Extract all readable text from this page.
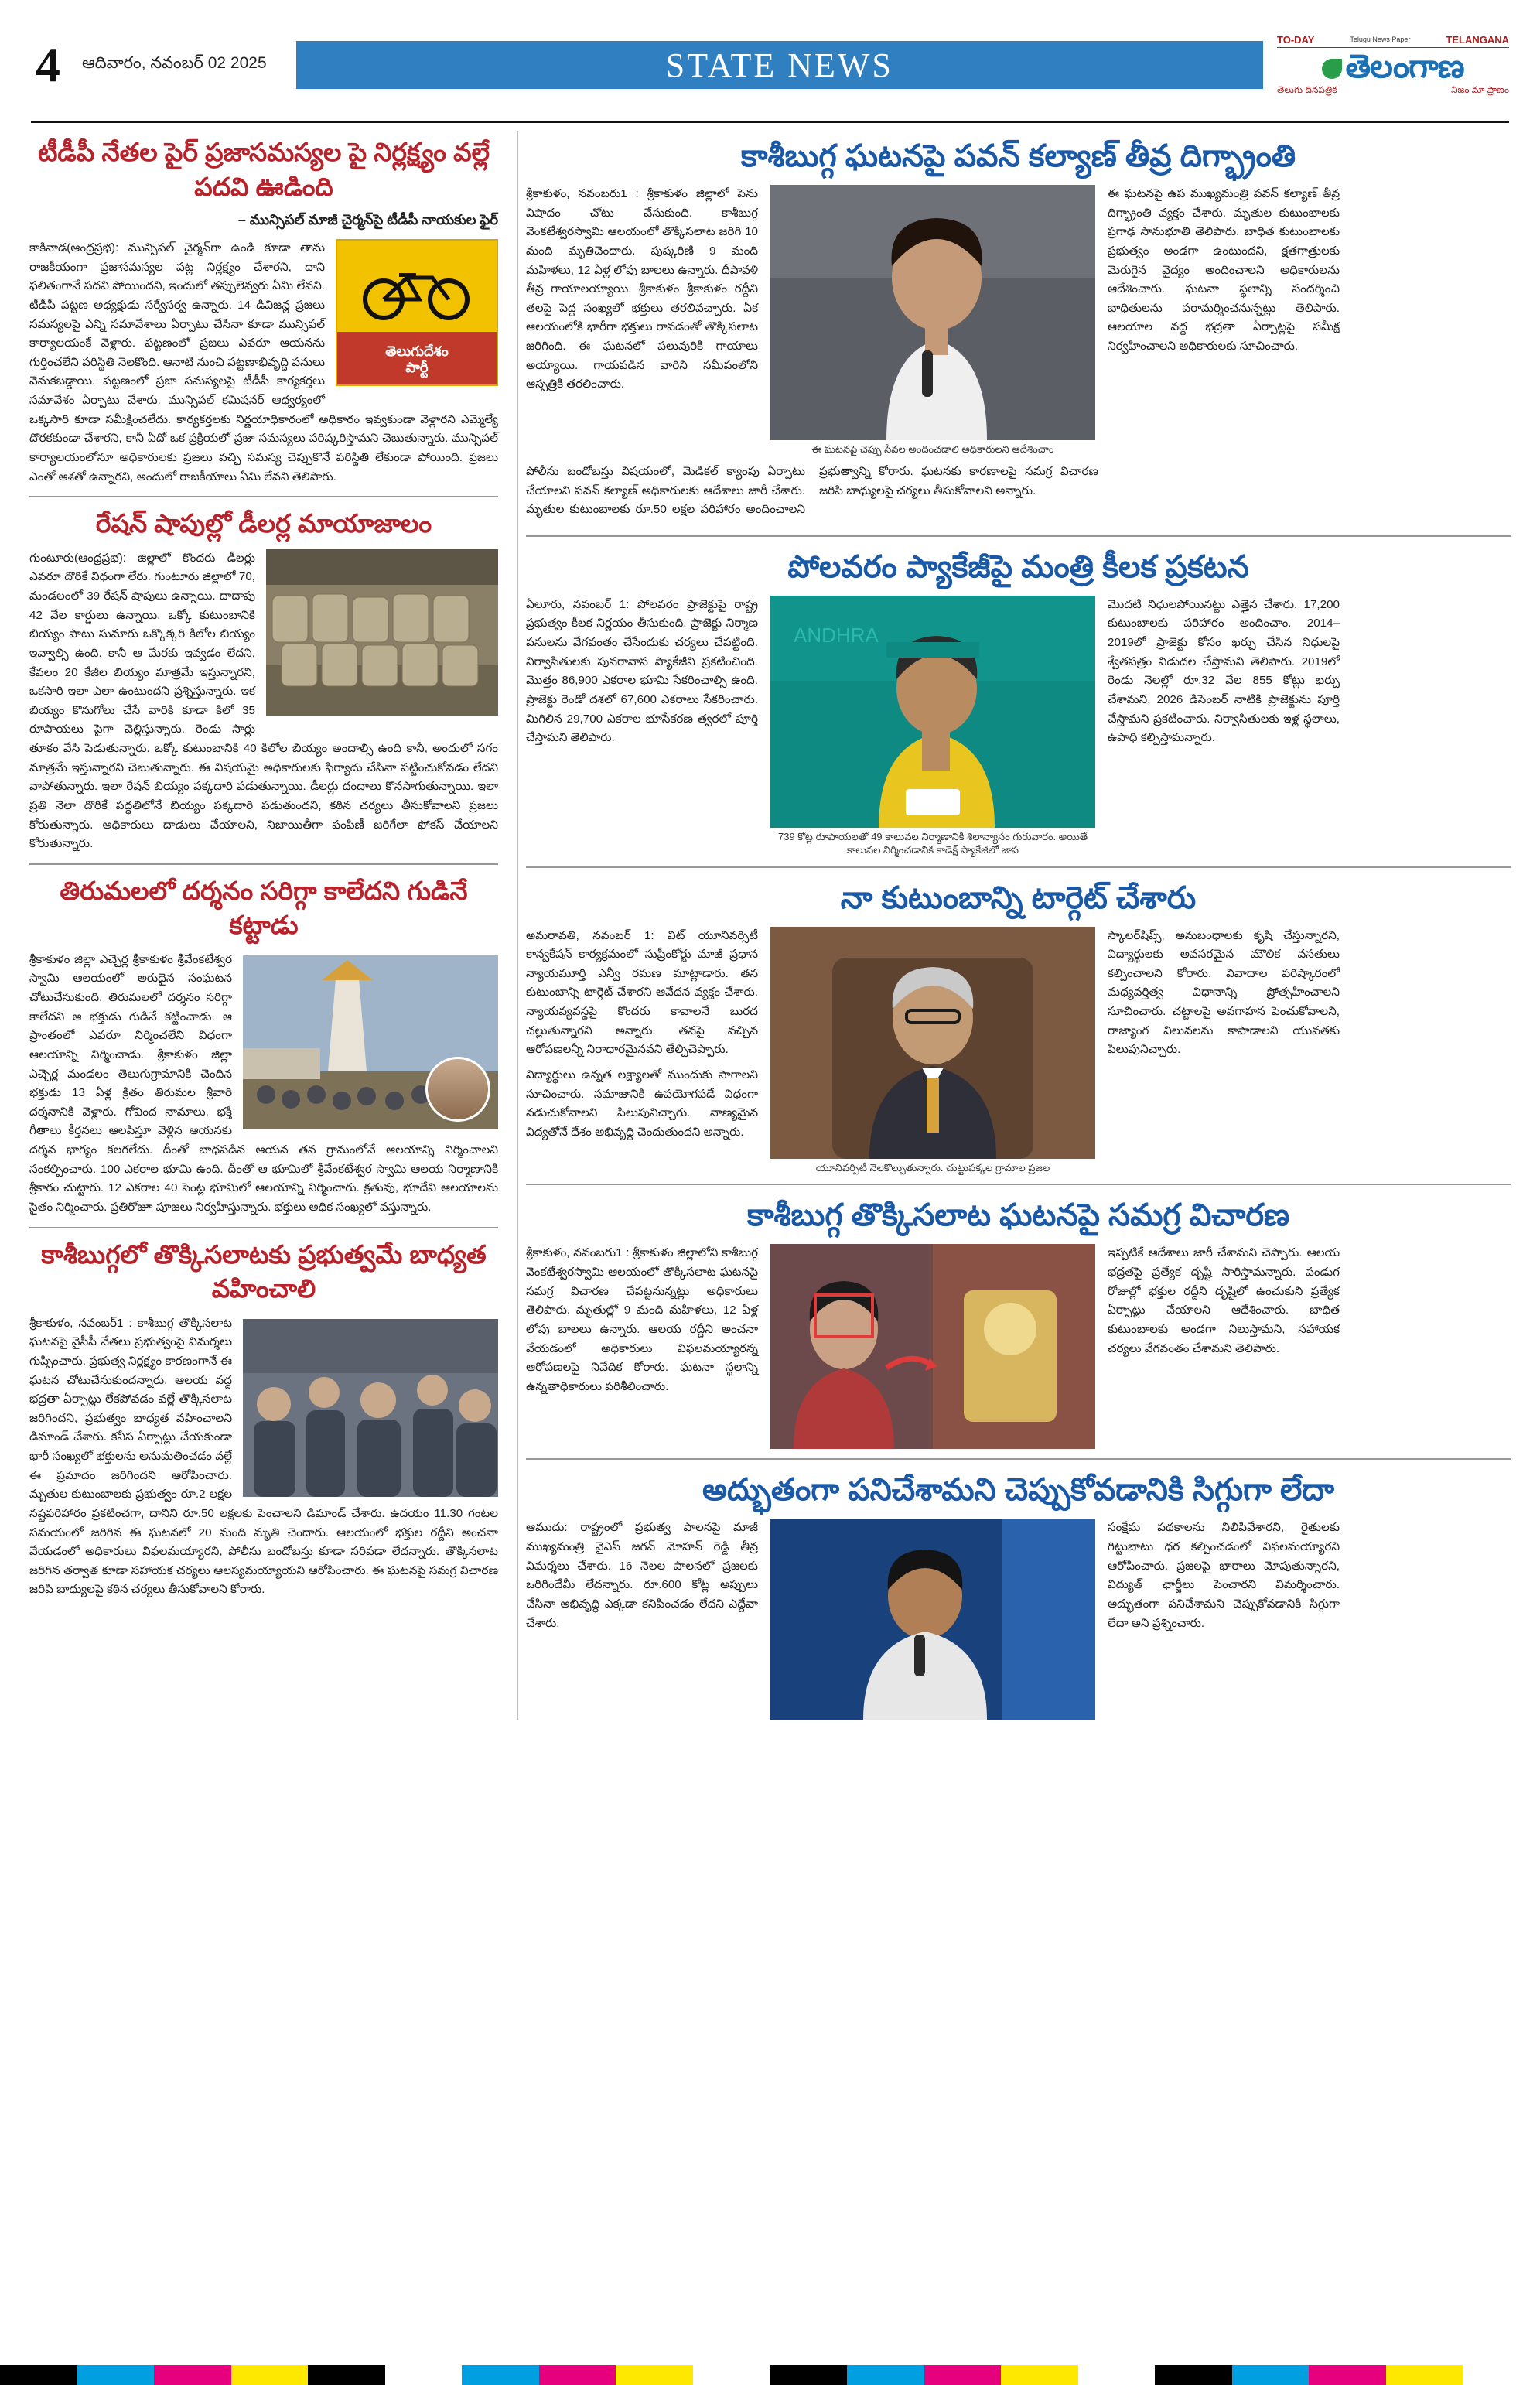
4	ఆదివారం, నవంబర్ 02 2025	STATE NEWS
TO-DAY	Telugu News Paper	TELANGANA
తెలంగాణ
తెలుగు దినపత్రిక	నిజం మా ప్రాణం
టీడీపీ నేతల పైర్ ప్రజాసమస్యల పై నిర్లక్ష్యం వల్లే పదవి ఊడింది
– మున్సిపల్ మాజీ చైర్మన్‌పై టీడీపీ నాయకుల ఫైర్
తెలుగుదేశం
పార్టీ

కాకినాడ(ఆంధ్రప్రభ): మున్సిపల్ చైర్మన్‌గా ఉండి కూడా తాను రాజకీయంగా ప్రజాసమస్యల పట్ల నిర్లక్ష్యం చేశారని, దాని ఫలితంగానే పదవి పోయిందని, ఇందులో తప్పులెవ్వరు ఏమి లేవని. టీడీపీ పట్టణ అధ్యక్షుడు సర్వేసర్వ ఉన్నారు. 14 డివిజన్ల ప్రజలు సమస్యలపై ఎన్ని సమావేశాలు ఏర్పాటు చేసినా కూడా మున్సిపల్ కార్యాలయంకే వెళ్లారు. పట్టణంలో ప్రజలు ఎవరూ ఆయనను గుర్తించలేని పరిస్థితి నెలకొంది. ఆనాటి నుంచి పట్టణాభివృద్ధి పనులు వెనుకబడ్డాయి. పట్టణంలో ప్రజా సమస్యలపై టీడీపీ కార్యకర్తలు సమావేశం ఏర్పాటు చేశారు. మున్సిపల్ కమిషనర్ ఆధ్వర్యంలో ఒక్కసారి కూడా సమీక్షించలేదు. కార్యకర్తలకు నిర్ణయాధికారంలో అధికారం ఇవ్వకుండా వెళ్లారని ఎమ్మెల్యే దొరకకుండా చేశారని, కానీ ఏదో ఒక ప్రక్రియలో ప్రజా సమస్యలు పరిష్కరిస్తామని చెబుతున్నారు. మున్సిపల్ కార్యాలయంలోనూ అధికారులకు ప్రజలు వచ్చి సమస్య చెప్పుకొనే పరిస్థితి లేకుండా పోయింది. ప్రజలు ఎంతో ఆశతో ఉన్నారని, అందులో రాజకీయాలు ఏమి లేవని తెలిపారు.

రేషన్ షాపుల్లో డీలర్ల మాయాజాలం

గుంటూరు(ఆంధ్రప్రభ): జిల్లాలో కొందరు డీలర్లు ఎవరూ దొరికే విధంగా లేరు. గుంటూరు జిల్లాలో 70, మండలంలో 39 రేషన్ షాపులు ఉన్నాయి. దాదాపు 42 వేల కార్డులు ఉన్నాయి. ఒక్కో కుటుంబానికి బియ్యం పాటు సుమారు ఒక్కొక్కరి కిలోల బియ్యం ఇవ్వాల్సి ఉంది. కానీ ఆ మేరకు ఇవ్వడం లేదని, కేవలం 20 కేజీల బియ్యం మాత్రమే ఇస్తున్నారని, ఒకసారి ఇలా ఎలా ఉంటుందని ప్రశ్నిస్తున్నారు. ఇక బియ్యం కొనుగోలు చేసే వారికి కూడా కిలో 35 రూపాయలు పైగా చెల్లిస్తున్నారు. రెండు సార్లు తూకం వేసి పెడుతున్నారు. ఒక్కో కుటుంబానికి 40 కిలోల బియ్యం అందాల్సి ఉంది కానీ, అందులో సగం మాత్రమే ఇస్తున్నారని చెబుతున్నారు. ఈ విషయమై అధికారులకు ఫిర్యాదు చేసినా పట్టించుకోవడం లేదని వాపోతున్నారు. ఇలా రేషన్ బియ్యం పక్కదారి పడుతున్నాయి. డీలర్లు దందాలు కొనసాగుతున్నాయి. ఇలా ప్రతి నెలా దొరికే పద్ధతిలోనే బియ్యం పక్కదారి పడుతుందని, కఠిన చర్యలు తీసుకోవాలని ప్రజలు కోరుతున్నారు. అధికారులు దాడులు చేయాలని, నిజాయితీగా పంపిణీ జరిగేలా ఫోకస్ చేయాలని కోరుతున్నారు.

తిరుమలలో దర్శనం సరిగ్గా కాలేదని గుడినే కట్టాడు

శ్రీకాకుళం జిల్లా ఎచ్చెర్ల శ్రీకాకుళం శ్రీవేంకటేశ్వర స్వామి ఆలయంలో అరుదైన సంఘటన చోటుచేసుకుంది. తిరుమలలో దర్శనం సరిగ్గా కాలేదని ఆ భక్తుడు గుడినే కట్టించాడు. ఆ ప్రాంతంలో ఎవరూ నిర్మించలేని విధంగా ఆలయాన్ని నిర్మించాడు. శ్రీకాకుళం జిల్లా ఎచ్చెర్ల మండలం తెలుగుగ్రామానికి చెందిన భక్తుడు 13 ఏళ్ల క్రితం తిరుమల శ్రీవారి దర్శనానికి వెళ్లారు. గోవింద నామాలు, భక్తి గీతాలు కీర్తనలు ఆలపిస్తూ వెళ్లిన ఆయనకు దర్శన భాగ్యం కలగలేదు. దీంతో బాధపడిన ఆయన తన గ్రామంలోనే ఆలయాన్ని నిర్మించాలని సంకల్పించారు. 100 ఎకరాల భూమి ఉంది. దీంతో ఆ భూమిలో శ్రీవేంకటేశ్వర స్వామి ఆలయ నిర్మాణానికి శ్రీకారం చుట్టారు. 12 ఎకరాల 40 సెంట్ల భూమిలో ఆలయాన్ని నిర్మించారు. క్రతువు, భూదేవి ఆలయాలను సైతం నిర్మించారు. ప్రతిరోజూ పూజలు నిర్వహిస్తున్నారు. భక్తులు అధిక సంఖ్యలో వస్తున్నారు.

కాశీబుగ్గలో తొక్కిసలాటకు ప్రభుత్వమే బాధ్యత వహించాలి

శ్రీకాకుళం, నవంబర్1 : కాశీబుగ్గ తొక్కిసలాట ఘటనపై వైసీపీ నేతలు ప్రభుత్వంపై విమర్శలు గుప్పించారు. ప్రభుత్వ నిర్లక్ష్యం కారణంగానే ఈ ఘటన చోటుచేసుకుందన్నారు. ఆలయ వద్ద భద్రతా ఏర్పాట్లు లేకపోవడం వల్లే తొక్కిసలాట జరిగిందని, ప్రభుత్వం బాధ్యత వహించాలని డిమాండ్ చేశారు. కనీస ఏర్పాట్లు చేయకుండా భారీ సంఖ్యలో భక్తులను అనుమతించడం వల్లే ఈ ప్రమాదం జరిగిందని ఆరోపించారు. మృతుల కుటుంబాలకు ప్రభుత్వం రూ.2 లక్షల నష్టపరిహారం ప్రకటించగా, దానిని రూ.50 లక్షలకు పెంచాలని డిమాండ్ చేశారు. ఉదయం 11.30 గంటల సమయంలో జరిగిన ఈ ఘటనలో 20 మంది మృతి చెందారు. ఆలయంలో భక్తుల రద్దీని అంచనా వేయడంలో అధికారులు విఫలమయ్యారని, పోలీసు బందోబస్తు కూడా సరిపడా లేదన్నారు. తొక్కిసలాట జరిగిన తర్వాత కూడా సహాయక చర్యలు ఆలస్యమయ్యాయని ఆరోపించారు. ఈ ఘటనపై సమగ్ర విచారణ జరిపి బాధ్యులపై కఠిన చర్యలు తీసుకోవాలని కోరారు.

కాశీబుగ్గ ఘటనపై పవన్ కల్యాణ్ తీవ్ర దిగ్భ్రాంతి

శ్రీకాకుళం, నవంబరు1 : శ్రీకాకుళం జిల్లాలో పెను విషాదం చోటు చేసుకుంది. కాశీబుగ్గ వెంకటేశ్వరస్వామి ఆలయంలో తొక్కిసలాట జరిగి 10 మంది మృతిచెందారు. పుష్కరిణి 9 మంది మహిళలు, 12 ఏళ్ల లోపు బాలలు ఉన్నారు. దీపావళి తీవ్ర గాయాలయ్యాయి. శ్రీకాకుళం శ్రీకాకుళం రద్దీని తలపై పెద్ద సంఖ్యలో భక్తులు తరలివచ్చారు. ఏక ఆలయంలోకి భారీగా భక్తులు రావడంతో తొక్కిసలాట జరిగింది. ఈ ఘటనలో పలువురికి గాయాలు అయ్యాయి. గాయపడిన వారిని సమీపంలోని ఆస్పత్రికి తరలించారు.

ఈ ఘటనపై చెప్పు సేవల అందించడాలి అధికారులని ఆదేశించాం

ఈ ఘటనపై ఉప ముఖ్యమంత్రి పవన్ కల్యాణ్ తీవ్ర దిగ్భ్రాంతి వ్యక్తం చేశారు. మృతుల కుటుంబాలకు ప్రగాఢ సానుభూతి తెలిపారు. బాధిత కుటుంబాలకు ప్రభుత్వం అండగా ఉంటుందని, క్షతగాత్రులకు మెరుగైన వైద్యం అందించాలని అధికారులను ఆదేశించారు. ఘటనా స్థలాన్ని సందర్శించి బాధితులను పరామర్శించనున్నట్లు తెలిపారు. ఆలయాల వద్ద భద్రతా ఏర్పాట్లపై సమీక్ష నిర్వహించాలని అధికారులకు సూచించారు.

పోలీసు బందోబస్తు విషయంలో, మెడికల్ క్యాంపు ఏర్పాటు చేయాలని పవన్ కల్యాణ్ అధికారులకు ఆదేశాలు జారీ చేశారు. మృతుల కుటుంబాలకు రూ.50 లక్షల పరిహారం అందించాలని ప్రభుత్వాన్ని కోరారు. ఘటనకు కారణాలపై సమగ్ర విచారణ జరిపి బాధ్యులపై చర్యలు తీసుకోవాలని అన్నారు.

పోలవరం ప్యాకేజీపై మంత్రి కీలక ప్రకటన

ఏలూరు, నవంబర్ 1: పోలవరం ప్రాజెక్టుపై రాష్ట్ర ప్రభుత్వం కీలక నిర్ణయం తీసుకుంది. ప్రాజెక్టు నిర్మాణ పనులను వేగవంతం చేసేందుకు చర్యలు చేపట్టింది. నిర్వాసితులకు పునరావాస ప్యాకేజీని ప్రకటించింది. మొత్తం 86,900 ఎకరాల భూమి సేకరించాల్సి ఉంది. ప్రాజెక్టు రెండో దశలో 67,600 ఎకరాలు సేకరించారు. మిగిలిన 29,700 ఎకరాల భూసేకరణ త్వరలో పూర్తి చేస్తామని తెలిపారు.

ANDHRA
739 కోట్ల రూపాయలతో 49 కాలువల నిర్మాణానికి శిలాన్యాసం గురువారం. అయితే కాలువల నిర్మించడానికి కాడెక్ష్ ప్యాకేజీలో జాప

మొదటి నిధులపోయినట్టు ఎత్తైన చేశారు. 17,200 కుటుంబాలకు పరిహారం అందించాం. 2014–2019లో ప్రాజెక్టు కోసం ఖర్చు చేసిన నిధులపై శ్వేతపత్రం విడుదల చేస్తామని తెలిపారు. 2019లో రెండు నెలల్లో రూ.32 వేల 855 కోట్లు ఖర్చు చేశామని, 2026 డిసెంబర్ నాటికి ప్రాజెక్టును పూర్తి చేస్తామని ప్రకటించారు. నిర్వాసితులకు ఇళ్ల స్థలాలు, ఉపాధి కల్పిస్తామన్నారు.

నా కుటుంబాన్ని టార్గెట్ చేశారు

అమరావతి, నవంబర్ 1: విట్ యూనివర్సిటీ కాన్వకేషన్ కార్యక్రమంలో సుప్రీంకోర్టు మాజీ ప్రధాన న్యాయమూర్తి ఎన్వీ రమణ మాట్లాడారు. తన కుటుంబాన్ని టార్గెట్ చేశారని ఆవేదన వ్యక్తం చేశారు. న్యాయవ్యవస్థపై కొందరు కావాలనే బురద చల్లుతున్నారని అన్నారు. తనపై వచ్చిన ఆరోపణలన్నీ నిరాధారమైనవని తేల్చిచెప్పారు.

విద్యార్థులు ఉన్నత లక్ష్యాలతో ముందుకు సాగాలని సూచించారు. సమాజానికి ఉపయోగపడే విధంగా నడుచుకోవాలని పిలుపునిచ్చారు. నాణ్యమైన విద్యతోనే దేశం అభివృద్ధి చెందుతుందని అన్నారు.

యూనివర్సిటీ నెలకొల్పుతున్నారు. చుట్టుపక్కల గ్రామాల ప్రజల

స్కాలర్‌షిప్స్, అనుబంధాలకు కృషి చేస్తున్నారని, విద్యార్థులకు అవసరమైన మౌలిక వసతులు కల్పించాలని కోరారు. వివాదాల పరిష్కారంలో మధ్యవర్తిత్వ విధానాన్ని ప్రోత్సహించాలని సూచించారు. చట్టాలపై అవగాహన పెంచుకోవాలని, రాజ్యాంగ విలువలను కాపాడాలని యువతకు పిలుపునిచ్చారు.

కాశీబుగ్గ తొక్కిసలాట ఘటనపై సమగ్ర విచారణ

శ్రీకాకుళం, నవంబరు1 : శ్రీకాకుళం జిల్లాలోని కాశీబుగ్గ వెంకటేశ్వరస్వామి ఆలయంలో తొక్కిసలాట ఘటనపై సమగ్ర విచారణ చేపట్టనున్నట్లు అధికారులు తెలిపారు. మృతుల్లో 9 మంది మహిళలు, 12 ఏళ్ల లోపు బాలలు ఉన్నారు. ఆలయ రద్దీని అంచనా వేయడంలో అధికారులు విఫలమయ్యారన్న ఆరోపణలపై నివేదిక కోరారు. ఘటనా స్థలాన్ని ఉన్నతాధికారులు పరిశీలించారు.

ఇప్పటికే ఆదేశాలు జారీ చేశామని చెప్పారు. ఆలయ భద్రతపై ప్రత్యేక దృష్టి సారిస్తామన్నారు. పండుగ రోజుల్లో భక్తుల రద్దీని దృష్టిలో ఉంచుకుని ప్రత్యేక ఏర్పాట్లు చేయాలని ఆదేశించారు. బాధిత కుటుంబాలకు అండగా నిలుస్తామని, సహాయక చర్యలు వేగవంతం చేశామని తెలిపారు.

అద్భుతంగా పనిచేశామని చెప్పుకోవడానికి సిగ్గుగా లేదా

ఆముదు: రాష్ట్రంలో ప్రభుత్వ పాలనపై మాజీ ముఖ్యమంత్రి వైఎస్ జగన్ మోహన్ రెడ్డి తీవ్ర విమర్శలు చేశారు. 16 నెలల పాలనలో ప్రజలకు ఒరిగిందేమీ లేదన్నారు. రూ.600 కోట్ల అప్పులు చేసినా అభివృద్ధి ఎక్కడా కనిపించడం లేదని ఎద్దేవా చేశారు.

సంక్షేమ పథకాలను నిలిపివేశారని, రైతులకు గిట్టుబాటు ధర కల్పించడంలో విఫలమయ్యారని ఆరోపించారు. ప్రజలపై భారాలు మోపుతున్నారని, విద్యుత్ ఛార్జీలు పెంచారని విమర్శించారు. అద్భుతంగా పనిచేశామని చెప్పుకోవడానికి సిగ్గుగా లేదా అని ప్రశ్నించారు.
